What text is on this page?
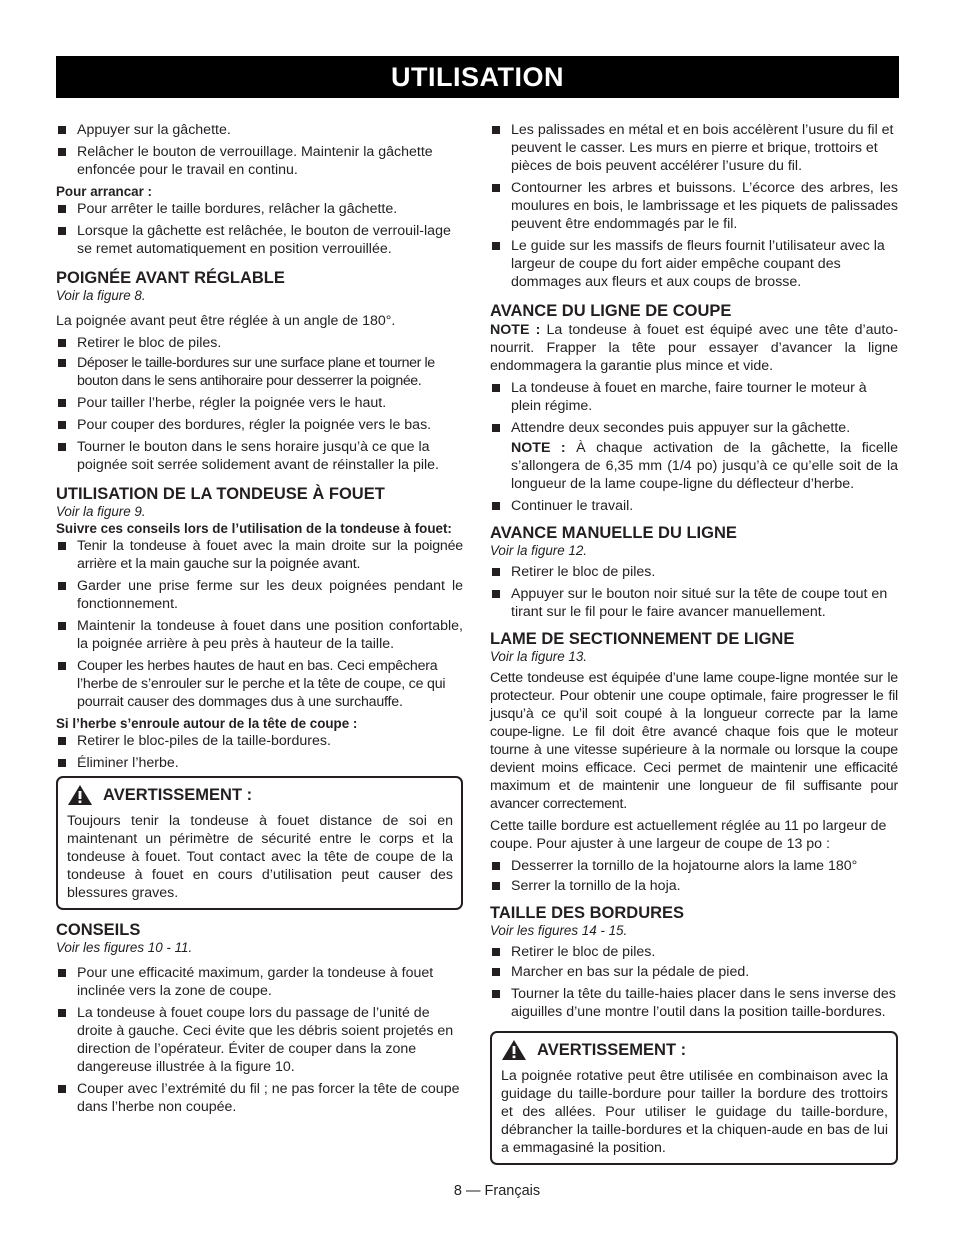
UTILISATION

Appuyer sur la gâchette.

Relâcher le bouton de verrouillage. Maintenir la gâchette enfoncée pour le travail en continu.

Pour arrancar :

Pour arrêter le taille bordures, relâcher la gâchette.

Lorsque la gâchette est relâchée, le bouton de verrouil-lage se remet automatiquement en position verrouillée.

POIGNÉE AVANT RÉGLABLE

Voir la figure 8.

La poignée avant peut être réglée à un angle de 180°.

Retirer le bloc de piles.

Déposer le taille-bordures sur une surface plane et tourner le bouton dans le sens antihoraire pour desserrer la poignée.

Pour tailler l’herbe, régler la poignée vers le haut.

Pour couper des bordures, régler la poignée vers le bas.

Tourner le bouton dans le sens horaire jusqu’à ce que la poignée soit serrée solidement avant de réinstaller la pile.

UTILISATION DE LA TONDEUSE À FOUET

Voir la figure 9.

Suivre ces conseils lors de l’utilisation de la tondeuse à fouet:

Tenir la tondeuse à fouet avec la main droite sur la poignée arrière et la main gauche sur la poignée avant.

Garder une prise ferme sur les deux poignées pendant le fonctionnement.

Maintenir la tondeuse à fouet dans une position confortable, la poignée arrière à peu près à hauteur de la taille.

Couper les herbes hautes de haut en bas. Ceci empêchera l’herbe de s’enrouler sur le perche et la tête de coupe, ce qui pourrait causer des dommages dus à une surchauffe.

Si l’herbe s’enroule autour de la tête de coupe :

Retirer le bloc-piles de la taille-bordures.

Éliminer l’herbe.

AVERTISSEMENT :

Toujours tenir la tondeuse à fouet distance de soi en maintenant un périmètre de sécurité entre le corps et la tondeuse à fouet. Tout contact avec la tête de coupe de la tondeuse à fouet en cours d’utilisation peut causer des blessures graves.

CONSEILS

Voir les figures 10 - 11.

Pour une efficacité maximum, garder la tondeuse à fouet inclinée vers la zone de coupe.

La tondeuse à fouet coupe lors du passage de l’unité de droite à gauche. Ceci évite que les débris soient projetés en direction de l’opérateur. Éviter de couper dans la zone dangereuse illustrée à la figure 10.

Couper avec l’extrémité du fil ; ne pas forcer la tête de coupe dans l’herbe non coupée.

Les palissades en métal et en bois accélèrent l’usure du fil et peuvent le casser. Les murs en pierre et brique, trottoirs et pièces de bois peuvent accélérer l’usure du fil.

Contourner les arbres et buissons. L’écorce des arbres, les moulures en bois, le lambrissage et les piquets de palissades peuvent être endommagés par le fil.

Le guide sur les massifs de fleurs fournit l’utilisateur avec la largeur de coupe du fort aider empêche coupant des dommages aux fleurs et aux coups de brosse.

AVANCE DU LIGNE DE COUPE

NOTE : La tondeuse à fouet est équipé avec une tête d’auto-nourrit. Frapper la tête pour essayer d’avancer la ligne endommagera la garantie plus mince et vide.

La tondeuse à fouet en marche, faire tourner le moteur à plein régime.

Attendre deux secondes puis appuyer sur la gâchette.

NOTE : À chaque activation de la gâchette, la ficelle s’allongera de 6,35 mm (1/4 po) jusqu’à ce qu’elle soit de la longueur de la lame coupe-ligne du déflecteur d’herbe.

Continuer le travail.

AVANCE MANUELLE DU LIGNE

Voir la figure 12.

Retirer le bloc de piles.

Appuyer sur le bouton noir situé sur la tête de coupe tout en tirant sur le fil pour le faire avancer manuellement.

LAME DE SECTIONNEMENT DE LIGNE

Voir la figure 13.

Cette tondeuse est équipée d’une lame coupe-ligne montée sur le protecteur. Pour obtenir une coupe optimale, faire progresser le fil jusqu’à ce qu’il soit coupé à la longueur correcte par la lame coupe-ligne. Le fil doit être avancé chaque fois que le moteur tourne à une vitesse supérieure à la normale ou lorsque la coupe devient moins efficace. Ceci permet de maintenir une efficacité maximum et de maintenir une longueur de fil suffisante pour avancer correctement.

Cette taille bordure est actuellement réglée au 11 po largeur de coupe. Pour ajuster à une largeur de coupe de 13 po :

Desserrer la tornillo de la hojatourne alors la lame 180°

Serrer la tornillo de la hoja.

TAILLE DES BORDURES

Voir les figures 14 - 15.

Retirer le bloc de piles.

Marcher en bas sur la pédale de pied.

Tourner la tête du taille-haies placer dans le sens inverse des aiguilles d’une montre l’outil dans la position taille-bordures.

AVERTISSEMENT :

La poignée rotative peut être utilisée en combinaison avec la guidage du taille-bordure pour tailler la bordure des trottoirs et des allées. Pour utiliser le guidage du taille-bordure, débrancher la taille-bordures et la chiquen-aude en bas de lui a emmagasiné la position.

8 — Français
